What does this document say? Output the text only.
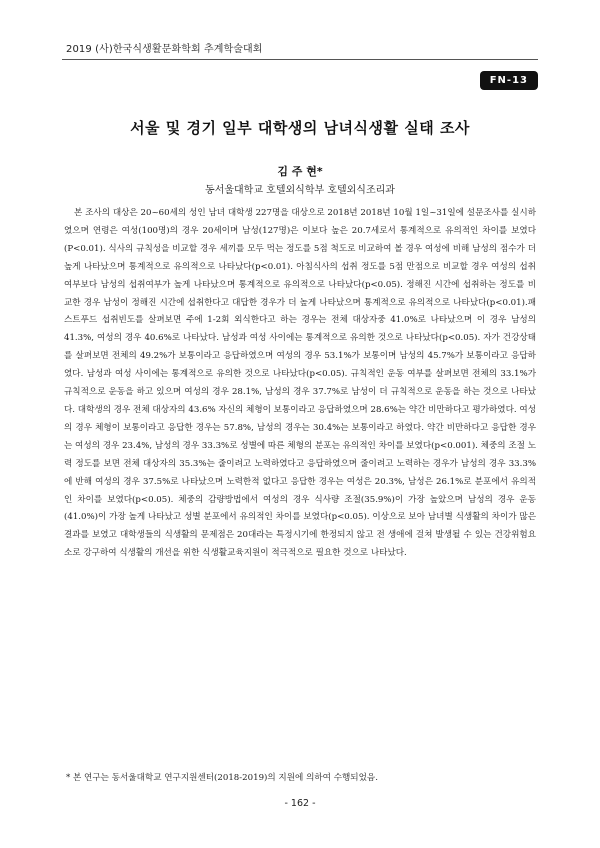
2019 (사)한국식생활문화학회 추계학술대회
FN-13
서울 및 경기 일부 대학생의 남녀식생활 실태 조사
김 주 현*
동서울대학교 호텔외식학부 호텔외식조리과

본 조사의 대상은 20~60세의 성인 남녀 대학생 227명을 대상으로 2018년 2018년 10월 1일~31일에 설문조사를 실시하였으며 연령은 여성(100명)의 경우 20세이며 남성(127명)은 이보다 높은 20.7세로서 통계적으로 유의적인 차이를 보였다(P<0.01). 식사의 규칙성을 비교할 경우 세끼를 모두 먹는 정도를 5점 척도로 비교하여 볼 경우 여성에 비해 남성의 점수가 더 높게 나타났으며 통계적으로 유의적으로 나타났다(p<0.01). 아침식사의 섭취 정도를 5점 만점으로 비교할 경우 여성의 섭취여부보다 남성의 섭취여부가 높게 나타났으며 통계적으로 유의적으로 나타났다(p<0.05). 정해진 시간에 섭취하는 정도를 비교한 경우 남성이 정해진 시간에 섭취한다고 대답한 경우가 더 높게 나타났으며 통계적으로 유의적으로 나타났다(p<0.01).패스트푸드 섭취빈도를 살펴보면 주에 1-2회 외식한다고 하는 경우는 전체 대상자중 41.0%로 나타났으며 이 경우 남성의 41.3%, 여성의 경우 40.6%로 나타났다. 남성과 여성 사이에는 통계적으로 유의한 것으로 나타났다(p<0.05). 자가 건강상태를 살펴보면 전체의 49.2%가 보통이라고 응답하였으며 여성의 경우 53.1%가 보통이며 남성의 45.7%가 보통이라고 응답하였다. 남성과 여성 사이에는 통계적으로 유의한 것으로 나타났다(p<0.05). 규칙적인 운동 여부를 살펴보면 전체의 33.1%가 규칙적으로 운동을 하고 있으며 여성의 경우 28.1%, 남성의 경우 37.7%로 남성이 더 규칙적으로 운동을 하는 것으로 나타났다. 대학생의 경우 전체 대상자의 43.6% 자신의 체형이 보통이라고 응답하였으며 28.6%는 약간 비만하다고 평가하였다. 여성의 경우 체형이 보통이라고 응답한 경우는 57.8%, 남성의 경우는 30.4%는 보통이라고 하였다. 약간 비만하다고 응답한 경우는 여성의 경우 23.4%, 남성의 경우 33.3%로 성별에 따른 체형의 분포는 유의적인 차이를 보였다(p<0.001). 체중의 조절 노력 정도를 보면 전체 대상자의 35.3%는 줄이려고 노력하였다고 응답하였으며 줄이려고 노력하는 경우가 남성의 경우 33.3%에 반해 여성의 경우 37.5%로 나타났으며 노력한적 없다고 응답한 경우는 여성은 20.3%, 남성은 26.1%로 분포에서 유의적인 차이를 보였다(p<0.05). 체중의 감량방법에서 여성의 경우 식사량 조절(35.9%)이 가장 높았으며 남성의 경우 운동(41.0%)이 가장 높게 나타났고 성별 분포에서 유의적인 차이를 보였다(p<0.05). 이상으로 보아 남녀별 식생활의 차이가 많은 결과를 보였고 대학생들의 식생활의 문제점은 20대라는 특정시기에 한정되지 않고 전 생애에 걸쳐 발생될 수 있는 건강위험요소로 강구하여 식생활의 개선을 위한 식생활교육지원이 적극적으로 필요한 것으로 나타났다.

* 본 연구는 동서울대학교 연구지원센터(2018-2019)의 지원에 의하여 수행되었음.
- 162 -
